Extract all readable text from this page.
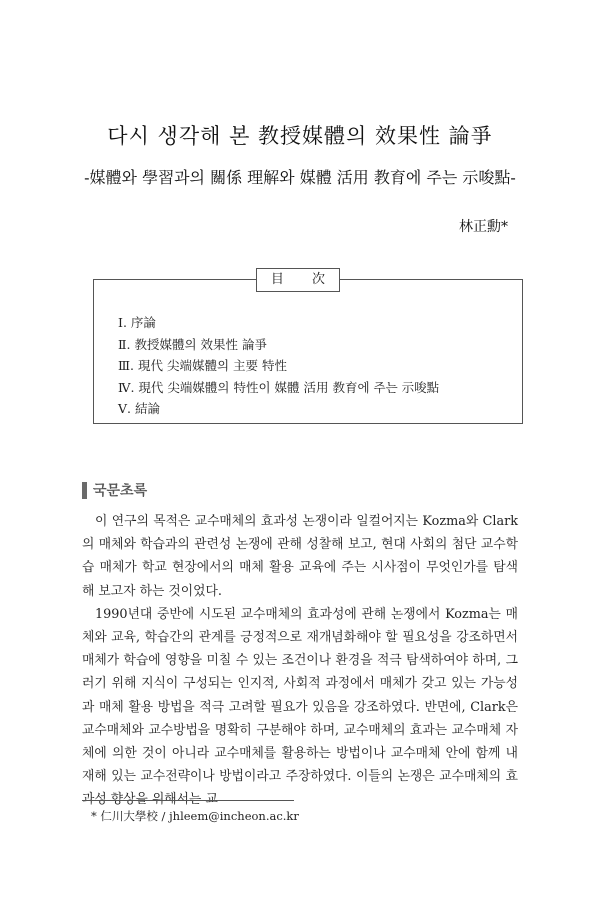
다시 생각해 본 教授媒體의 效果性 論爭
-媒體와 學習과의 關係 理解와 媒體 活用 教育에 주는 示唆點-
林正勳*
目 次
Ⅰ. 序論
Ⅱ. 教授媒體의 效果性 論爭
Ⅲ. 現代 尖端媒體의 主要 特性
Ⅳ. 現代 尖端媒體의 特性이 媒體 活用 教育에 주는 示唆點
Ⅴ. 結論
국문초록

이 연구의 목적은 교수매체의 효과성 논쟁이라 일컬어지는 Kozma와 Clark의 매체와 학습과의 관련성 논쟁에 관해 성찰해 보고, 현대 사회의 첨단 교수학습 매체가 학교 현장에서의 매체 활용 교육에 주는 시사점이 무엇인가를 탐색해 보고자 하는 것이었다.

1990년대 중반에 시도된 교수매체의 효과성에 관해 논쟁에서 Kozma는 매체와 교육, 학습간의 관계를 긍정적으로 재개념화해야 할 필요성을 강조하면서 매체가 학습에 영향을 미칠 수 있는 조건이나 환경을 적극 탐색하여야 하며, 그러기 위해 지식이 구성되는 인지적, 사회적 과정에서 매체가 갖고 있는 가능성과 매체 활용 방법을 적극 고려할 필요가 있음을 강조하였다. 반면에, Clark은 교수매체와 교수방법을 명확히 구분해야 하며, 교수매체의 효과는 교수매체 자체에 의한 것이 아니라 교수매체를 활용하는 방법이나 교수매체 안에 함께 내재해 있는 교수전략이나 방법이라고 주장하였다. 이들의 논쟁은 교수매체의 효과성 향상을 위해서는 교

* 仁川大學校 / jhleem@incheon.ac.kr
